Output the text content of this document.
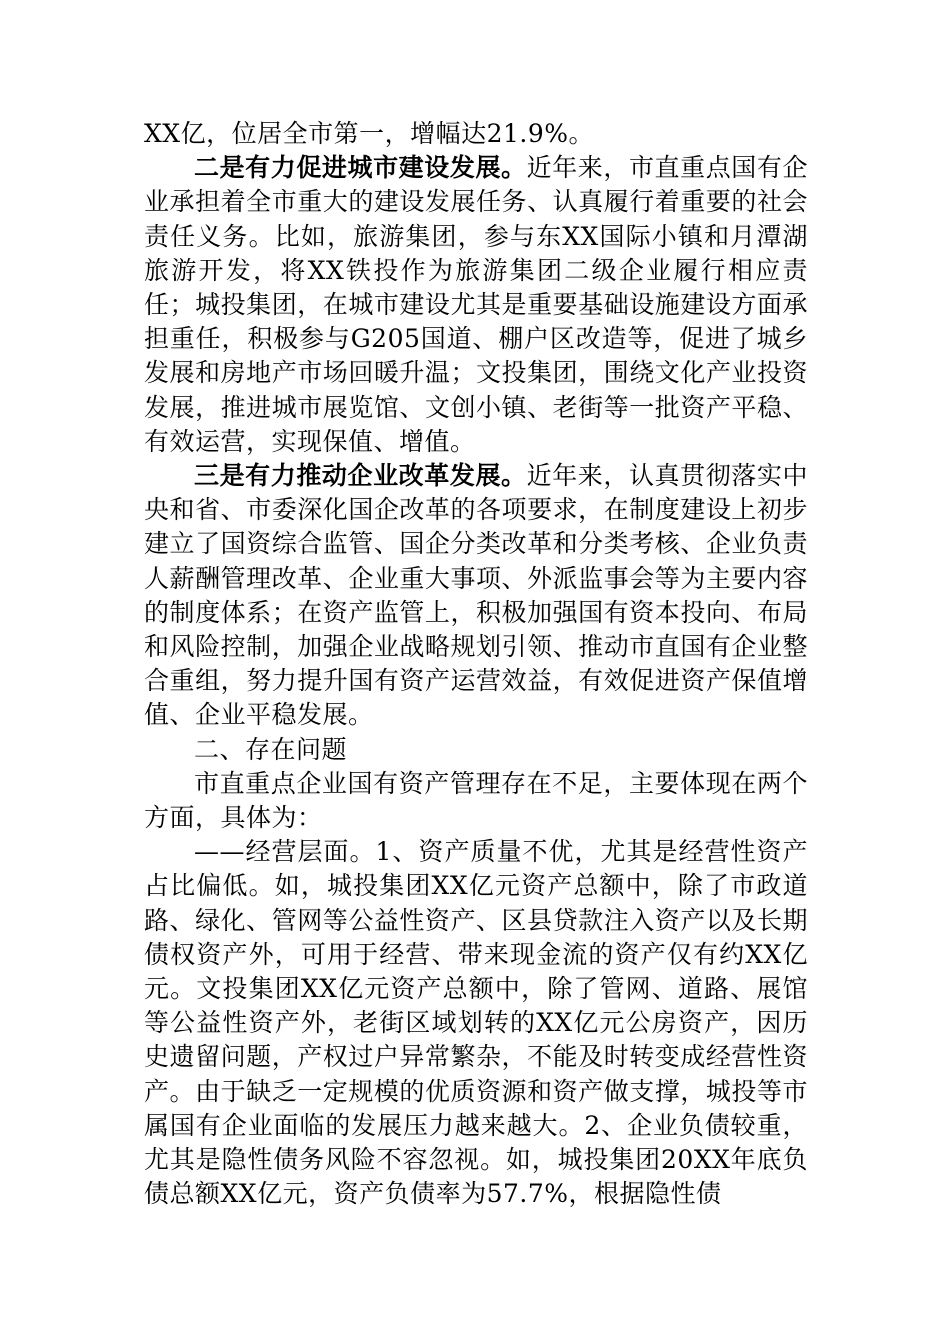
XX亿，位居全市第一，增幅达21.9%。

二是有力促进城市建设发展。近年来，市直重点国有企业承担着全市重大的建设发展任务、认真履行着重要的社会责任义务。比如，旅游集团，参与东XX国际小镇和月潭湖旅游开发，将XX铁投作为旅游集团二级企业履行相应责任；城投集团，在城市建设尤其是重要基础设施建设方面承担重任，积极参与G205国道、棚户区改造等，促进了城乡发展和房地产市场回暖升温；文投集团，围绕文化产业投资发展，推进城市展览馆、文创小镇、老街等一批资产平稳、有效运营，实现保值、增值。

三是有力推动企业改革发展。近年来，认真贯彻落实中央和省、市委深化国企改革的各项要求，在制度建设上初步建立了国资综合监管、国企分类改革和分类考核、企业负责人薪酬管理改革、企业重大事项、外派监事会等为主要内容的制度体系；在资产监管上，积极加强国有资本投向、布局和风险控制，加强企业战略规划引领、推动市直国有企业整合重组，努力提升国有资产运营效益，有效促进资产保值增值、企业平稳发展。

二、存在问题

市直重点企业国有资产管理存在不足，主要体现在两个方面，具体为：

——经营层面。1、资产质量不优，尤其是经营性资产占比偏低。如，城投集团XX亿元资产总额中，除了市政道路、绿化、管网等公益性资产、区县贷款注入资产以及长期债权资产外，可用于经营、带来现金流的资产仅有约XX亿元。文投集团XX亿元资产总额中，除了管网、道路、展馆等公益性资产外，老街区域划转的XX亿元公房资产，因历史遗留问题，产权过户异常繁杂，不能及时转变成经营性资产。由于缺乏一定规模的优质资源和资产做支撑，城投等市属国有企业面临的发展压力越来越大。2、企业负债较重，尤其是隐性债务风险不容忽视。如，城投集团20XX年底负债总额XX亿元，资产负债率为57.7%，根据隐性债
